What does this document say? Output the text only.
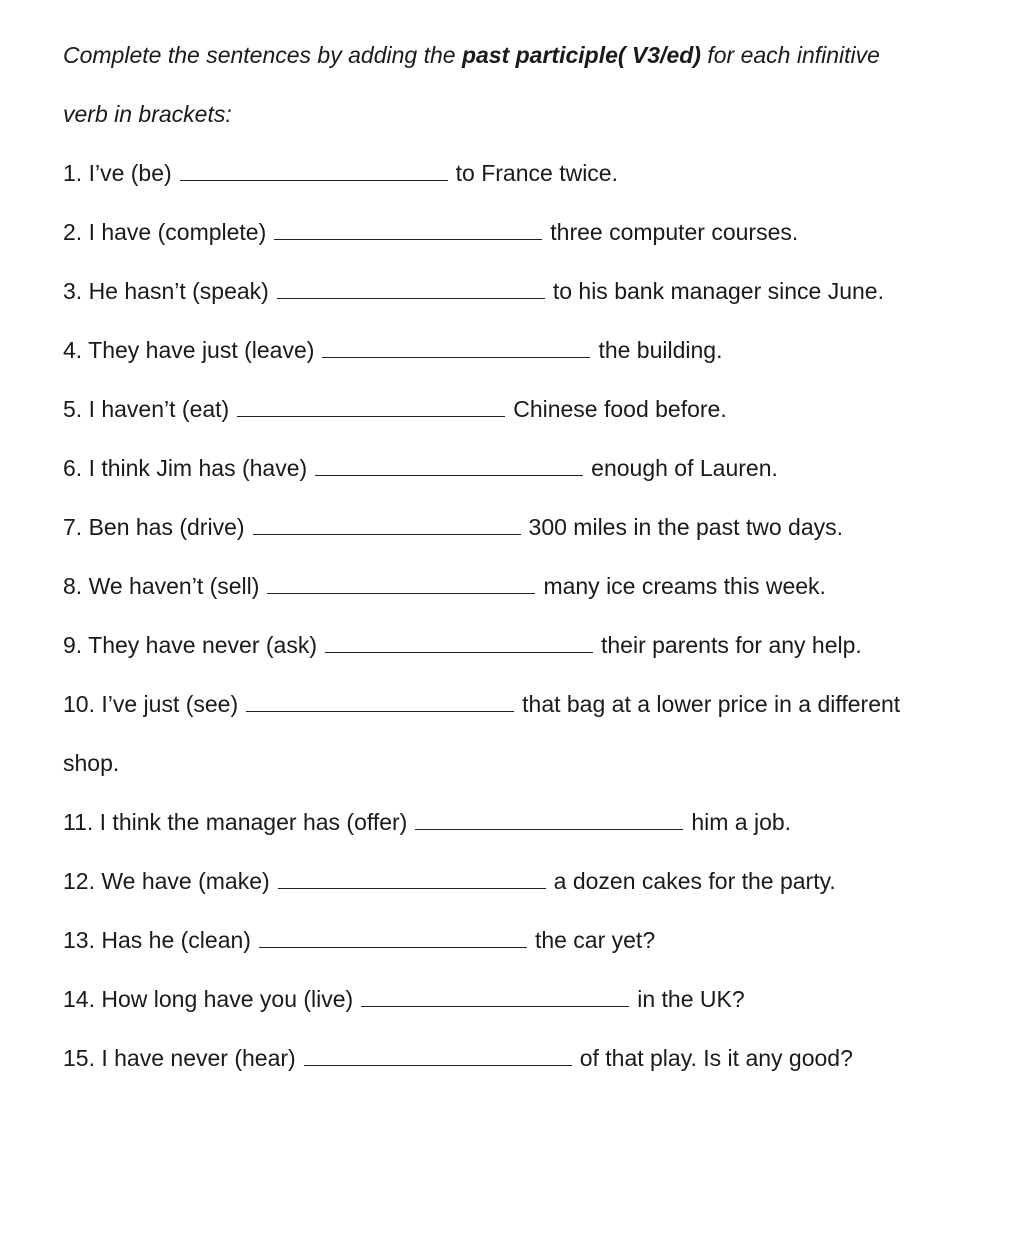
Complete the sentences by adding the past participle( V3/ed) for each infinitive
verb in brackets:
1. I’ve (be)	to France twice.
2. I have (complete)	three computer courses.
3. He hasn’t (speak)	to his bank manager since June.
4. They have just (leave)	the building.
5. I haven’t (eat)	Chinese food before.
6. I think Jim has (have)	enough of Lauren.
7. Ben has (drive)	300 miles in the past two days.
8. We haven’t (sell)	many ice creams this week.
9. They have never (ask)	their parents for any help.
10. I’ve just (see)	that bag at a lower price in a different
shop.
11. I think the manager has (offer)	him a job.
12. We have (make)	a dozen cakes for the party.
13. Has he (clean)	the car yet?
14. How long have you (live)	in the UK?
15. I have never (hear)	of that play. Is it any good?
